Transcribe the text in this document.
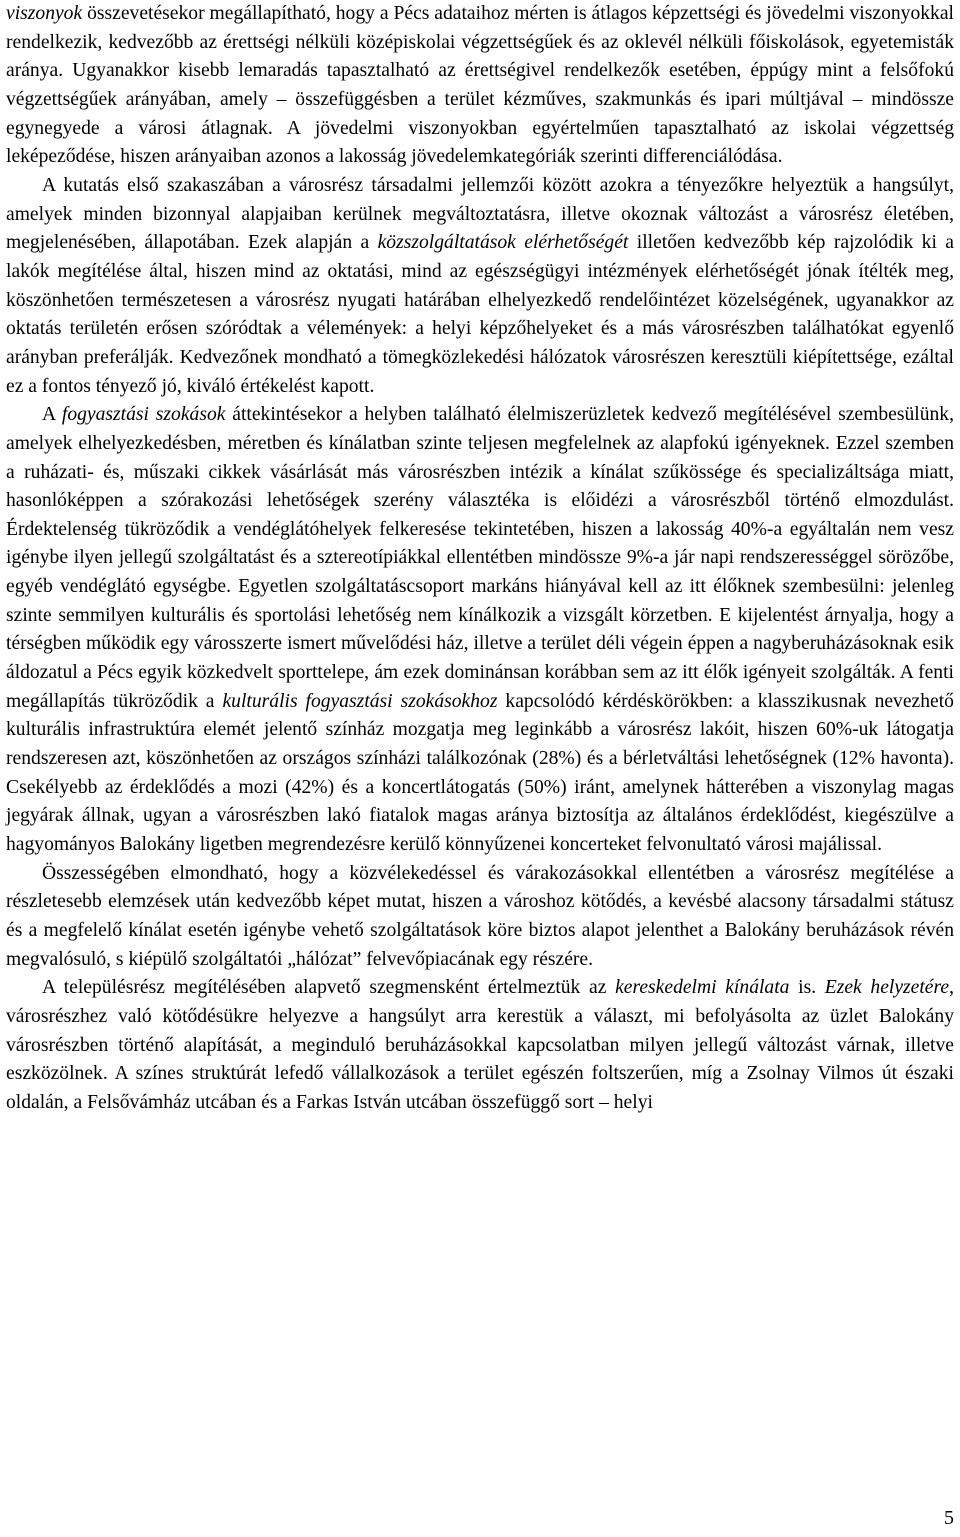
viszonyok összevetésekor megállapítható, hogy a Pécs adataihoz mérten is átlagos képzettségi és jövedelmi viszonyokkal rendelkezik, kedvezőbb az érettségi nélküli középiskolai végzettségűek és az oklevél nélküli főiskolások, egyetemisták aránya. Ugyanakkor kisebb lemaradás tapasztalható az érettségivel rendelkezők esetében, éppúgy mint a felsőfokú végzettségűek arányában, amely – összefüggésben a terület kézműves, szakmunkás és ipari múltjával – mindössze egynegyede a városi átlagnak. A jövedelmi viszonyokban egyértelműen tapasztalható az iskolai végzettség leképeződése, hiszen arányaiban azonos a lakosság jövedelemkategóriák szerinti differenciálódása.

A kutatás első szakaszában a városrész társadalmi jellemzői között azokra a tényezőkre helyeztük a hangsúlyt, amelyek minden bizonnyal alapjaiban kerülnek megváltoztatásra, illetve okoznak változást a városrész életében, megjelenésében, állapotában. Ezek alapján a közszolgáltatások elérhetőségét illetően kedvezőbb kép rajzolódik ki a lakók megítélése által, hiszen mind az oktatási, mind az egészségügyi intézmények elérhetőségét jónak ítélték meg, köszönhetően természetesen a városrész nyugati határában elhelyezkedő rendelőintézet közelségének, ugyanakkor az oktatás területén erősen szóródtak a vélemények: a helyi képzőhelyeket és a más városrészben találhatókat egyenlő arányban preferálják. Kedvezőnek mondható a tömegközlekedési hálózatok városrészen keresztüli kiépítettsége, ezáltal ez a fontos tényező jó, kiváló értékelést kapott.

A fogyasztási szokások áttekintésekor a helyben található élelmiszerüzletek kedvező megítélésével szembesülünk, amelyek elhelyezkedésben, méretben és kínálatban szinte teljesen megfelelnek az alapfokú igényeknek. Ezzel szemben a ruházati- és, műszaki cikkek vásárlását más városrészben intézik a kínálat szűkössége és specializáltsága miatt, hasonlóképpen a szórakozási lehetőségek szerény választéka is előidézi a városrészből történő elmozdulást. Érdektelenség tükröződik a vendéglátóhelyek felkeresése tekintetében, hiszen a lakosság 40%-a egyáltalán nem vesz igénybe ilyen jellegű szolgáltatást és a sztereotípiákkal ellentétben mindössze 9%-a jár napi rendszerességgel sörözőbe, egyéb vendéglátó egységbe. Egyetlen szolgáltatáscsoport markáns hiányával kell az itt élőknek szembesülni: jelenleg szinte semmilyen kulturális és sportolási lehetőség nem kínálkozik a vizsgált körzetben. E kijelentést árnyalja, hogy a térségben működik egy városszerte ismert művelődési ház, illetve a terület déli végein éppen a nagyberuházásoknak esik áldozatul a Pécs egyik közkedvelt sporttelepe, ám ezek dominánsan korábban sem az itt élők igényeit szolgálták. A fenti megállapítás tükröződik a kulturális fogyasztási szokásokhoz kapcsolódó kérdéskörökben: a klasszikusnak nevezhető kulturális infrastruktúra elemét jelentő színház mozgatja meg leginkább a városrész lakóit, hiszen 60%-uk látogatja rendszeresen azt, köszönhetően az országos színházi találkozónak (28%) és a bérletváltási lehetőségnek (12% havonta). Csekélyebb az érdeklődés a mozi (42%) és a koncertlátogatás (50%) iránt, amelynek hátterében a viszonylag magas jegyárak állnak, ugyan a városrészben lakó fiatalok magas aránya biztosítja az általános érdeklődést, kiegészülve a hagyományos Balokány ligetben megrendezésre kerülő könnyűzenei koncerteket felvonultató városi majálissal.

Összességében elmondható, hogy a közvélekedéssel és várakozásokkal ellentétben a városrész megítélése a részletesebb elemzések után kedvezőbb képet mutat, hiszen a városhoz kötődés, a kevésbé alacsony társadalmi státusz és a megfelelő kínálat esetén igénybe vehető szolgáltatások köre biztos alapot jelenthet a Balokány beruházások révén megvalósuló, s kiépülő szolgáltatói „hálózat” felvevőpiacának egy részére.

A településrész megítélésében alapvető szegmensként értelmeztük az kereskedelmi kínálata is. Ezek helyzetére, városrészhez való kötődésükre helyezve a hangsúlyt arra kerestük a választ, mi befolyásolta az üzlet Balokány városrészben történő alapítását, a meginduló beruházásokkal kapcsolatban milyen jellegű változást várnak, illetve eszközölnek. A színes struktúrát lefedő vállalkozások a terület egészén foltszerűen, míg a Zsolnay Vilmos út északi oldalán, a Felsővámház utcában és a Farkas István utcában összefüggő sort – helyi

5
